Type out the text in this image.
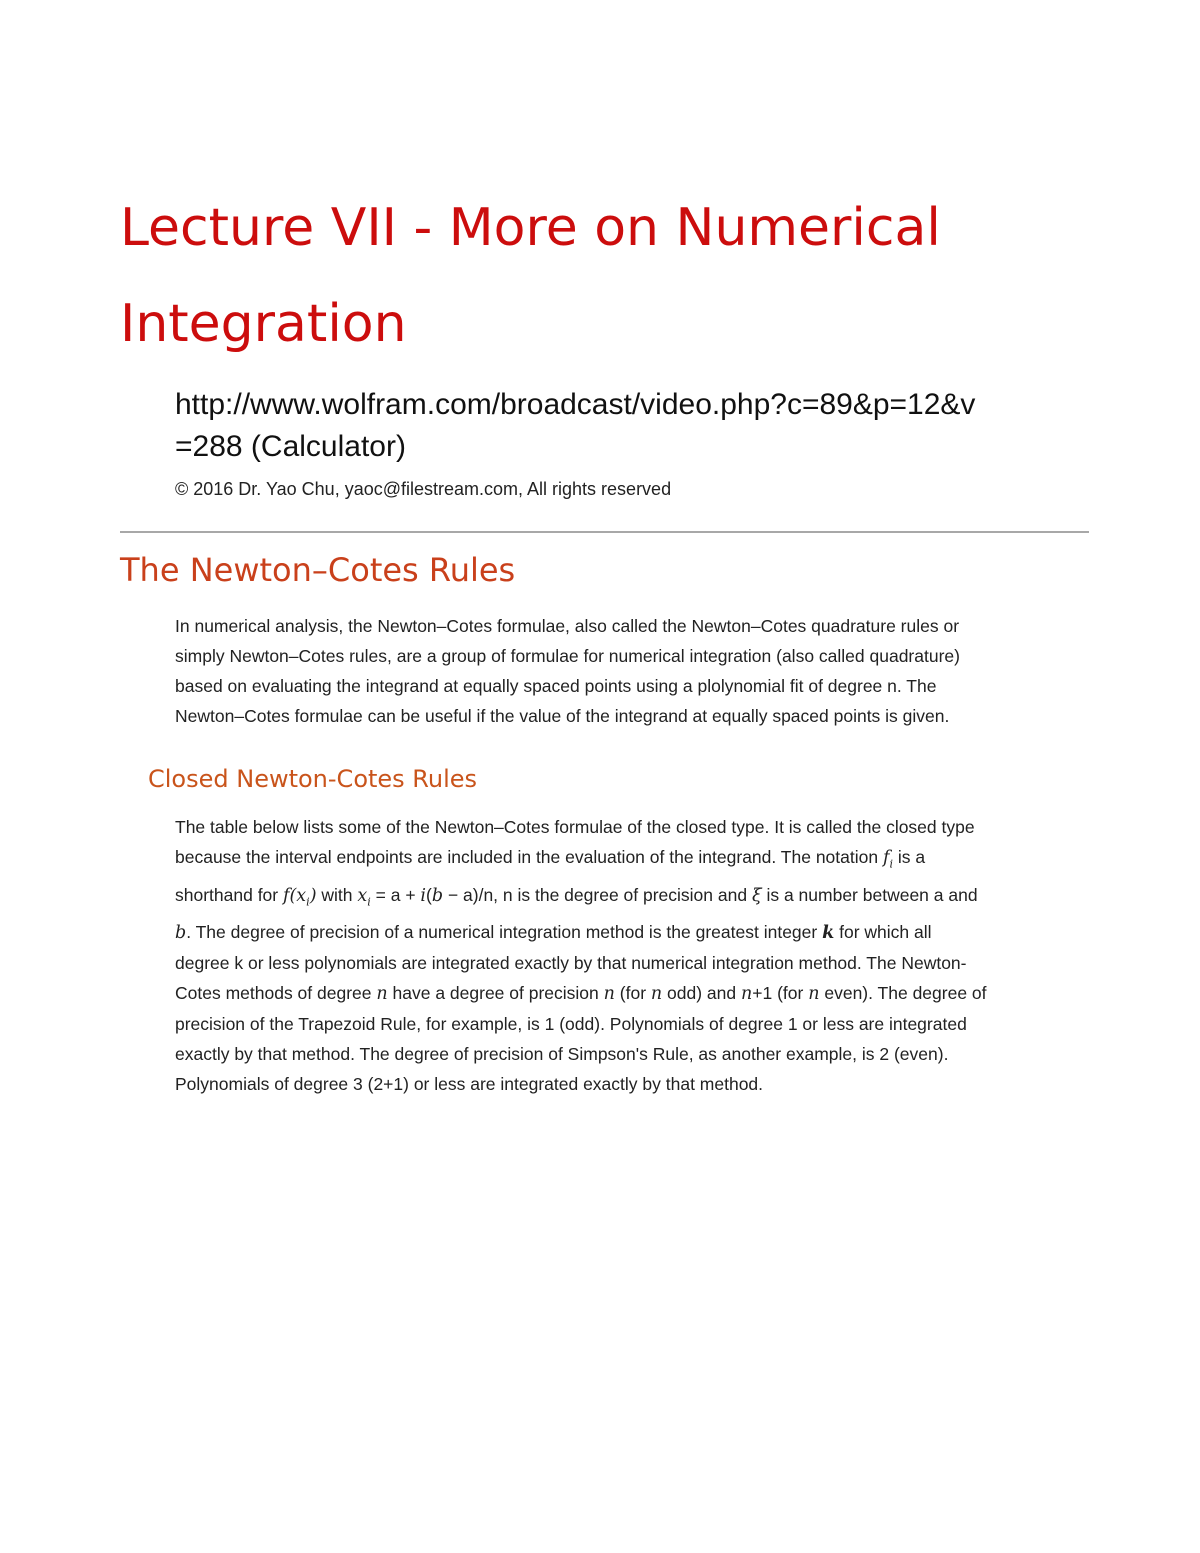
Lecture VII - More on Numerical
Integration

http://www.wolfram.com/broadcast/video.php?c=89&p=12&v
=288 (Calculator)

© 2016 Dr. Yao Chu, yaoc@filestream.com, All rights reserved

The Newton–Cotes Rules

In numerical analysis, the Newton–Cotes formulae, also called the Newton–Cotes quadrature rules or
simply Newton–Cotes rules, are a group of formulae for numerical integration (also called quadrature)
based on evaluating the integrand at equally spaced points using a plolynomial fit of degree n. The
Newton–Cotes formulae can be useful if the value of the integrand at equally spaced points is given.

Closed Newton-Cotes Rules

The table below lists some of the Newton–Cotes formulae of the closed type. It is called the closed type
because the interval endpoints are included in the evaluation of the integrand. The notation $f_i$ is a
shorthand for $f(x_i)$ with $x_i = a + i(b - a)/n$, n is the degree of precision and ξ is a number between a and
b. The degree of precision of a numerical integration method is the greatest integer k for which all
degree k or less polynomials are integrated exactly by that numerical integration method. The Newton-
Cotes methods of degree n have a degree of precision n (for n odd) and n+1 (for n even). The degree of
precision of the Trapezoid Rule, for example, is 1 (odd). Polynomials of degree 1 or less are integrated
exactly by that method. The degree of precision of Simpson's Rule, as another example, is 2 (even).
Polynomials of degree 3 (2+1) or less are integrated exactly by that method.
